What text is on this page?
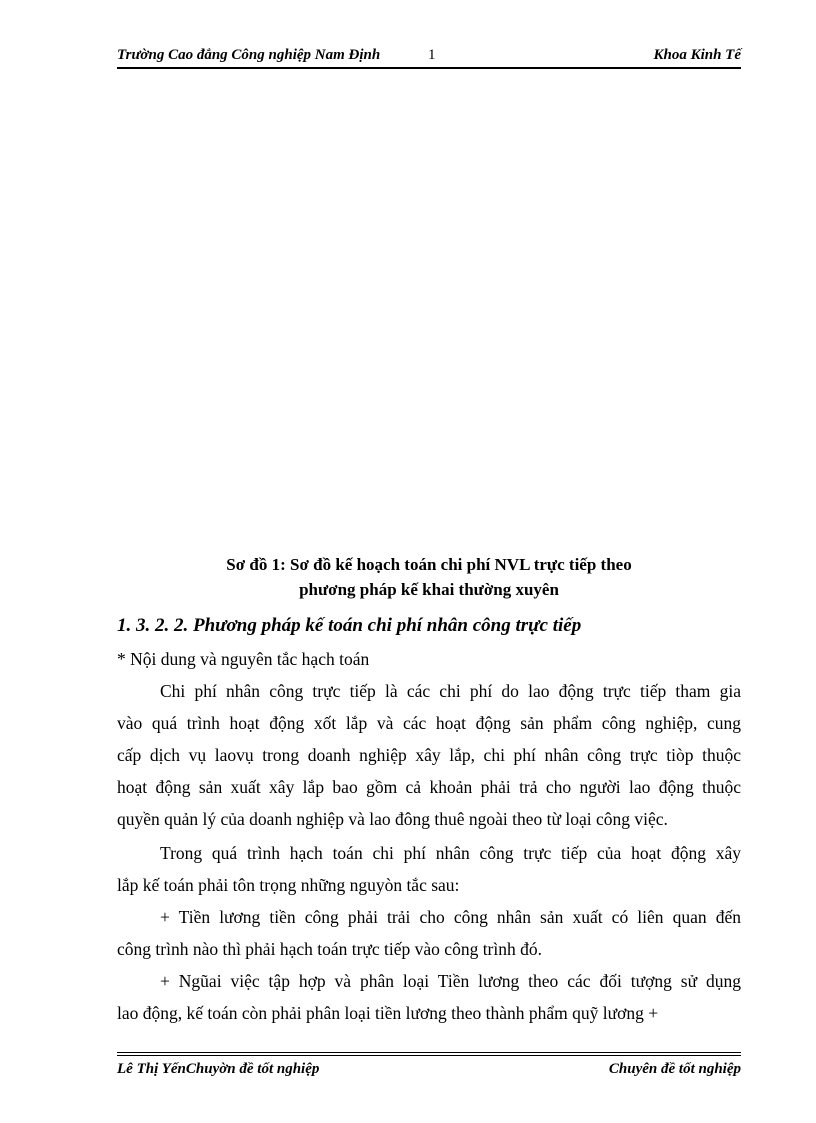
Trường Cao đẳng Công nghiệp Nam Định	1	Khoa Kinh Tế
Sơ đồ 1: Sơ đồ kế hoạch toán chi phí NVL trực tiếp theo
phương pháp kế khai thường xuyên
1. 3. 2. 2. Phương pháp kế toán chi phí nhân công trực tiếp
* Nội dung và nguyên tắc hạch toán
Chi phí nhân công trực tiếp là các chi phí do lao động trực tiếp tham gia
vào quá trình hoạt động xốt lắp và các hoạt động sản phẩm công nghiệp, cung
cấp dịch vụ laovụ trong doanh nghiệp xây lắp, chi phí nhân công trực tiòp thuộc
hoạt động sản xuất xây lắp bao gồm cả khoản phải trả cho người lao động thuộc
quyền quản lý của doanh nghiệp và lao đông thuê ngoài theo từ loại công việc.
Trong quá trình hạch toán chi phí nhân công trực tiếp của hoạt động xây
lắp kế toán phải tôn trọng những nguyòn tắc sau:
+ Tiền lương tiền công phải trải cho công nhân sản xuất có liên quan đến
công trình nào thì phải hạch toán trực tiếp vào công trình đó.
+ Ngũai việc tập hợp và phân loại Tiền lương theo các đối tượng sử dụng
lao động, kế toán còn phải phân loại tiền lương theo thành phẩm quỹ lương +
Lê Thị YếnChuyờn đề tốt nghiệp	Chuyên đề tốt nghiệp
